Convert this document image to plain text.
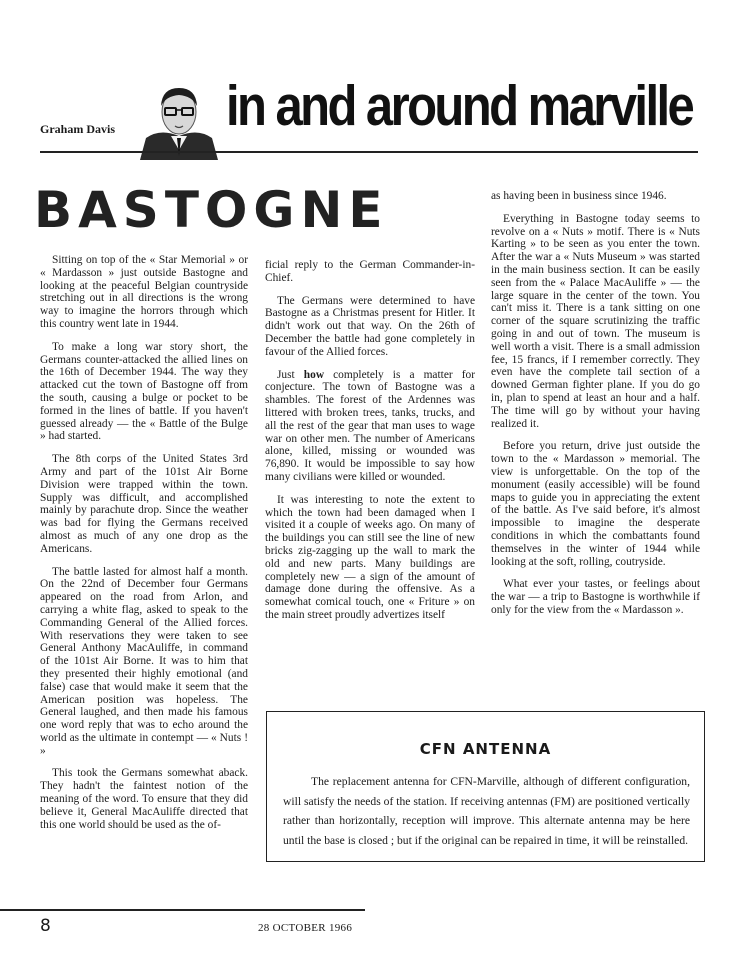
Graham Davis in and around marville
BASTOGNE

Sitting on top of the « Star Memorial » or « Mardasson » just outside Bastogne and looking at the peaceful Belgian countryside stretching out in all directions is the wrong way to imagine the horrors through which this country went late in 1944.

To make a long war story short, the Germans counter-attacked the allied lines on the 16th of December 1944. The way they attacked cut the town of Bastogne off from the south, causing a bulge or pocket to be formed in the lines of battle. If you haven't guessed already — the « Battle of the Bulge » had started.

The 8th corps of the United States 3rd Army and part of the 101st Air Borne Division were trapped within the town. Supply was difficult, and accomplished mainly by parachute drop. Since the weather was bad for flying the Germans received almost as much of any one drop as the Americans.

The battle lasted for almost half a month. On the 22nd of December four Germans appeared on the road from Arlon, and carrying a white flag, asked to speak to the Commanding General of the Allied forces. With reservations they were taken to see General Anthony MacAuliffe, in command of the 101st Air Borne. It was to him that they presented their highly emotional (and false) case that would make it seem that the American position was hopeless. The General laughed, and then made his famous one word reply that was to echo around the world as the ultimate in contempt — « Nuts ! »

This took the Germans somewhat aback. They hadn't the faintest notion of the meaning of the word. To ensure that they did believe it, General MacAuliffe directed that this one world should be used as the of-

ficial reply to the German Commander-in-Chief.

The Germans were determined to have Bastogne as a Christmas present for Hitler. It didn't work out that way. On the 26th of December the battle had gone completely in favour of the Allied forces.

Just how completely is a matter for conjecture. The town of Bastogne was a shambles. The forest of the Ardennes was littered with broken trees, tanks, trucks, and all the rest of the gear that man uses to wage war on other men. The number of Americans alone, killed, missing or wounded was 76,890. It would be impossible to say how many civilians were killed or wounded.

It was interesting to note the extent to which the town had been damaged when I visited it a couple of weeks ago. On many of the buildings you can still see the line of new bricks zig-zagging up the wall to mark the old and new parts. Many buildings are completely new — a sign of the amount of damage done during the offensive. As a somewhat comical touch, one « Friture » on the main street proudly advertizes itself

as having been in business since 1946.

Everything in Bastogne today seems to revolve on a « Nuts » motif. There is « Nuts Karting » to be seen as you enter the town. After the war a « Nuts Museum » was started in the main business section. It can be easily seen from the « Palace MacAuliffe » — the large square in the center of the town. You can't miss it. There is a tank sitting on one corner of the square scrutinizing the traffic going in and out of town. The museum is well worth a visit. There is a small admission fee, 15 francs, if I remember correctly. They even have the complete tail section of a downed German fighter plane. If you do go in, plan to spend at least an hour and a half. The time will go by without your having realized it.

Before you return, drive just outside the town to the « Mardasson » memorial. The view is unforgettable. On the top of the monument (easily accessible) will be found maps to guide you in appreciating the extent of the battle. As I've said before, it's almost impossible to imagine the desperate conditions in which the combattants found themselves in the winter of 1944 while looking at the soft, rolling, coutryside.

What ever your tastes, or feelings about the war — a trip to Bastogne is worthwhile if only for the view from the « Mardasson ».

CFN ANTENNA

The replacement antenna for CFN-Marville, although of different configuration, will satisfy the needs of the station. If receiving antennas (FM) are positioned vertically rather than horizontally, reception will improve. This alternate antenna may be here until the base is closed ; but if the original can be repaired in time, it will be reinstalled.

8	28 OCTOBER 1966
